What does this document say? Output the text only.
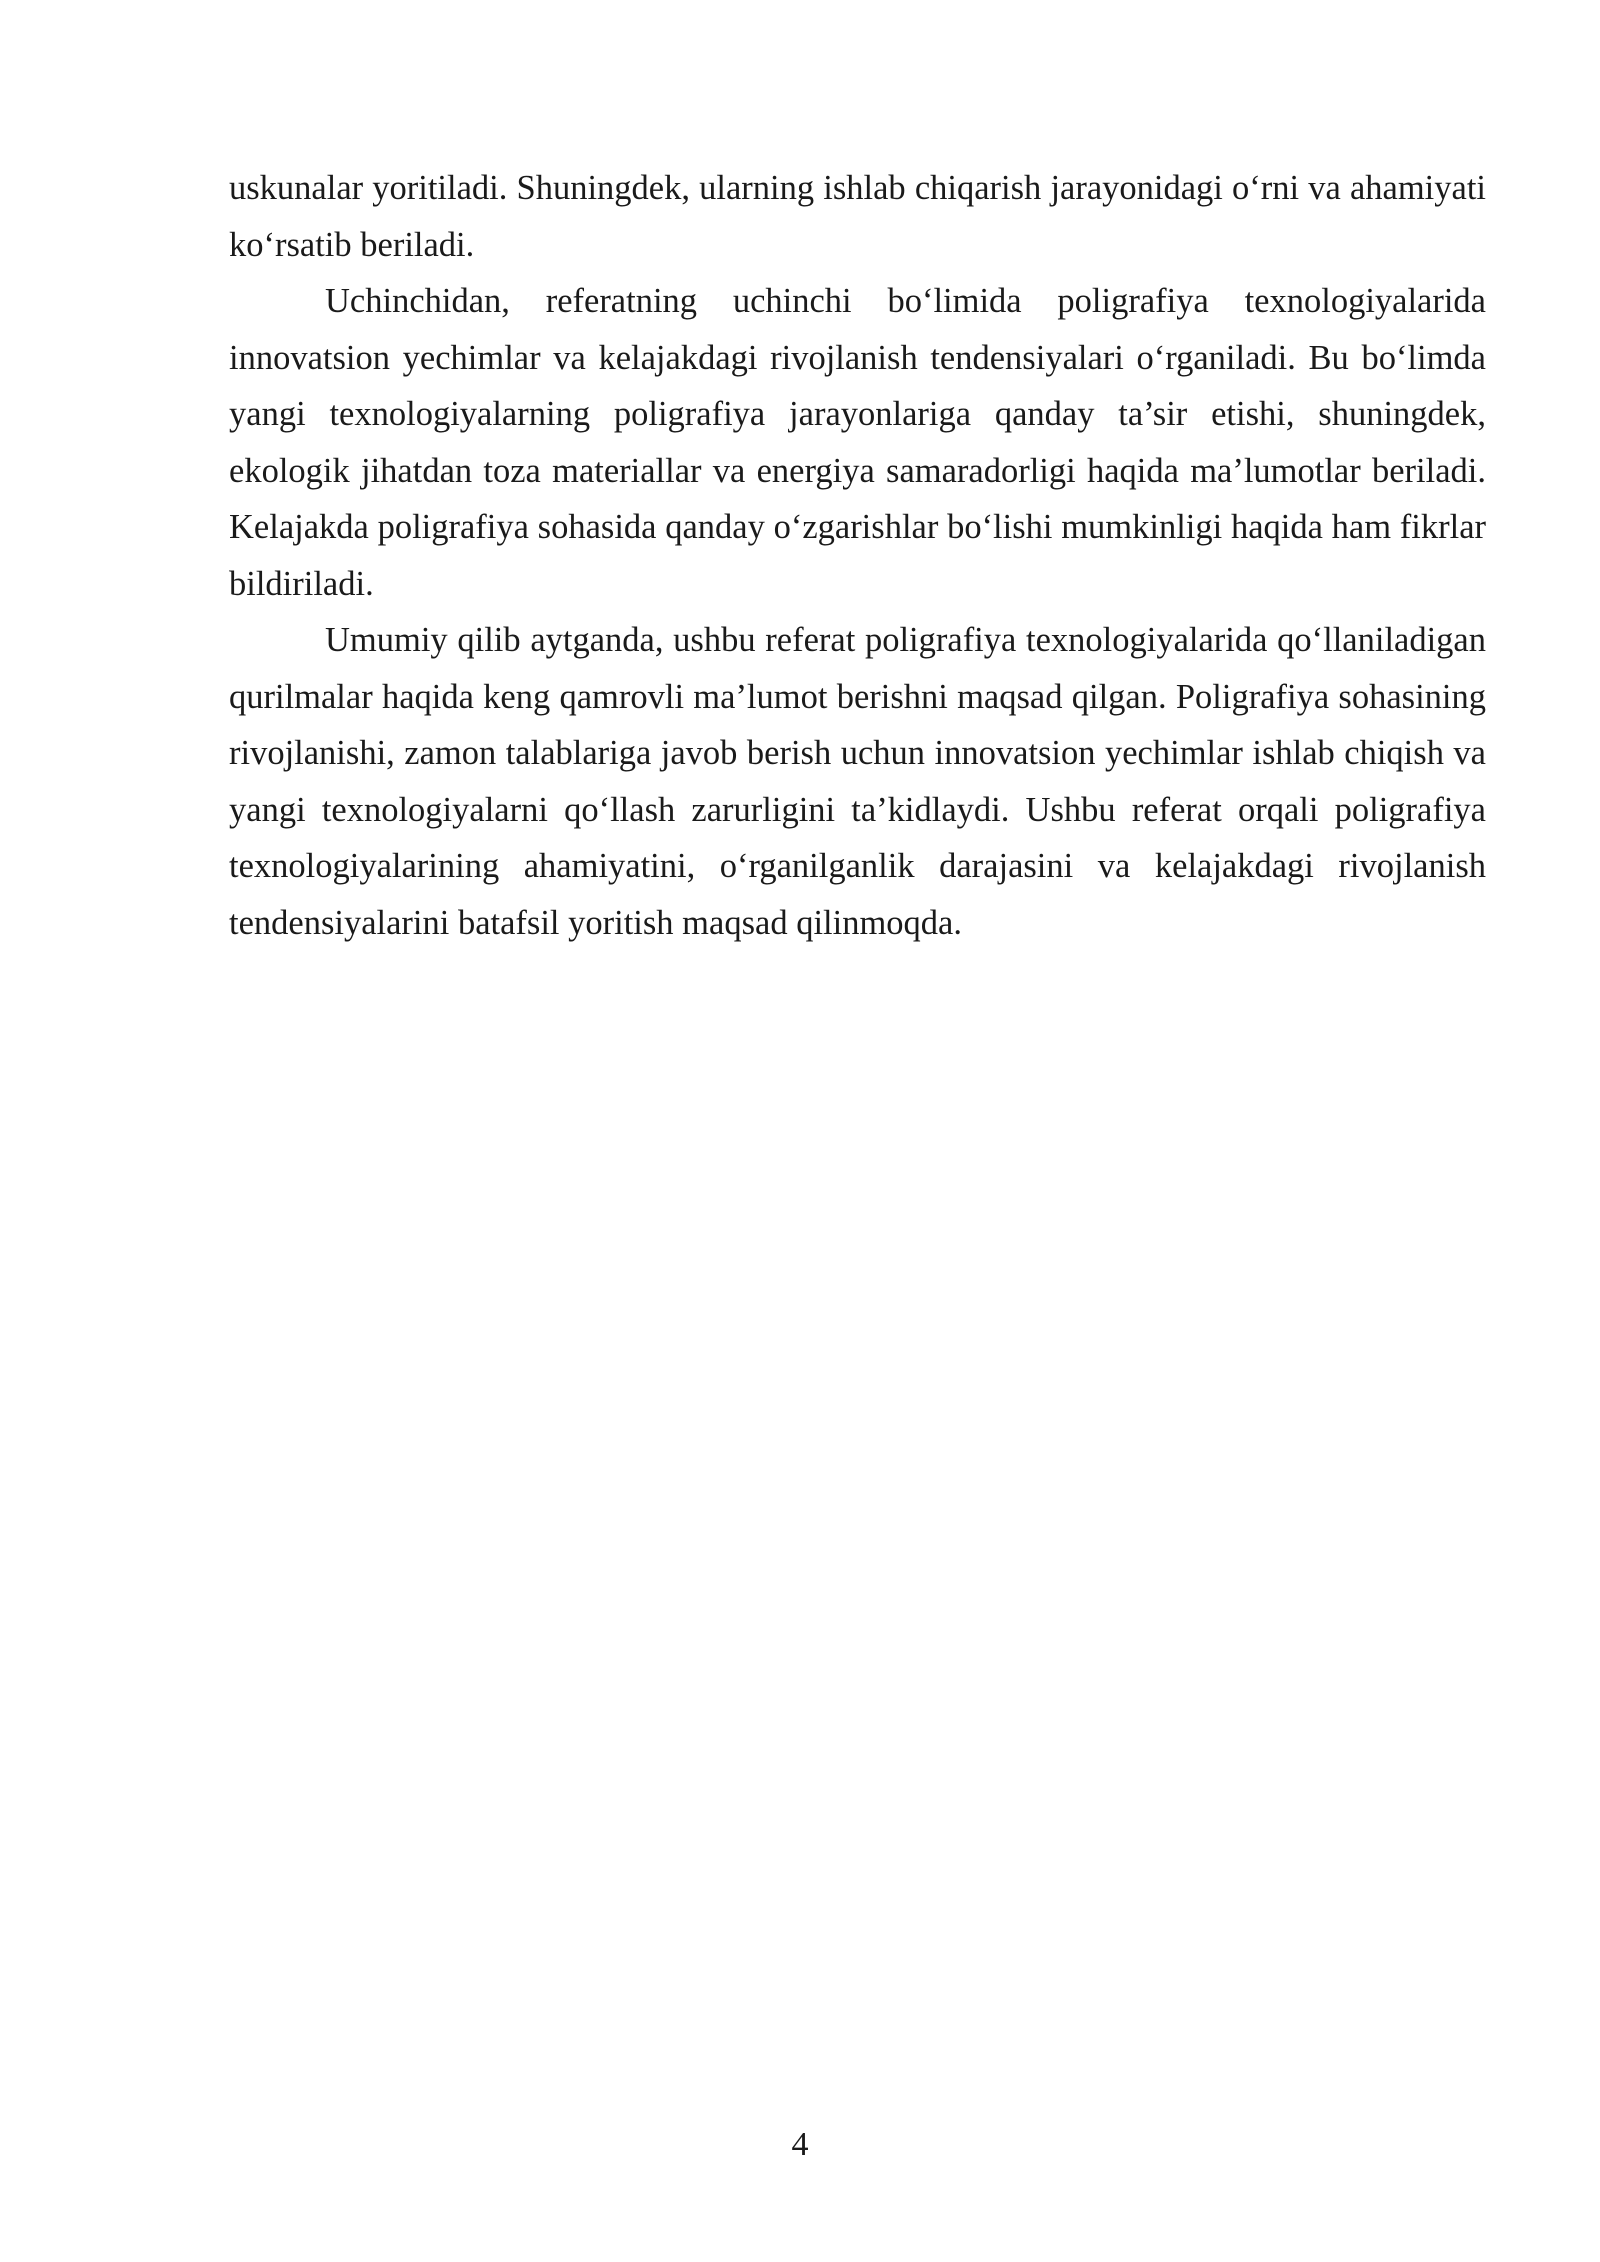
uskunalar yoritiladi. Shuningdek, ularning ishlab chiqarish jarayonidagi o‘rni va ahamiyati ko‘rsatib beriladi.

Uchinchidan, referatning uchinchi bo‘limida poligrafiya texnologiyalarida innovatsion yechimlar va kelajakdagi rivojlanish tendensiyalari o‘rganiladi. Bu bo‘limda yangi texnologiyalarning poligrafiya jarayonlariga qanday ta’sir etishi, shuningdek, ekologik jihatdan toza materiallar va energiya samaradorligi haqida ma’lumotlar beriladi. Kelajakda poligrafiya sohasida qanday o‘zgarishlar bo‘lishi mumkinligi haqida ham fikrlar bildiriladi.

Umumiy qilib aytganda, ushbu referat poligrafiya texnologiyalarida qo‘llaniladigan qurilmalar haqida keng qamrovli ma’lumot berishni maqsad qilgan. Poligrafiya sohasining rivojlanishi, zamon talablariga javob berish uchun innovatsion yechimlar ishlab chiqish va yangi texnologiyalarni qo‘llash zarurligini ta’kidlaydi. Ushbu referat orqali poligrafiya texnologiyalarining ahamiyatini, o‘rganilganlik darajasini va kelajakdagi rivojlanish tendensiyalarini batafsil yoritish maqsad qilinmoqda.

4
